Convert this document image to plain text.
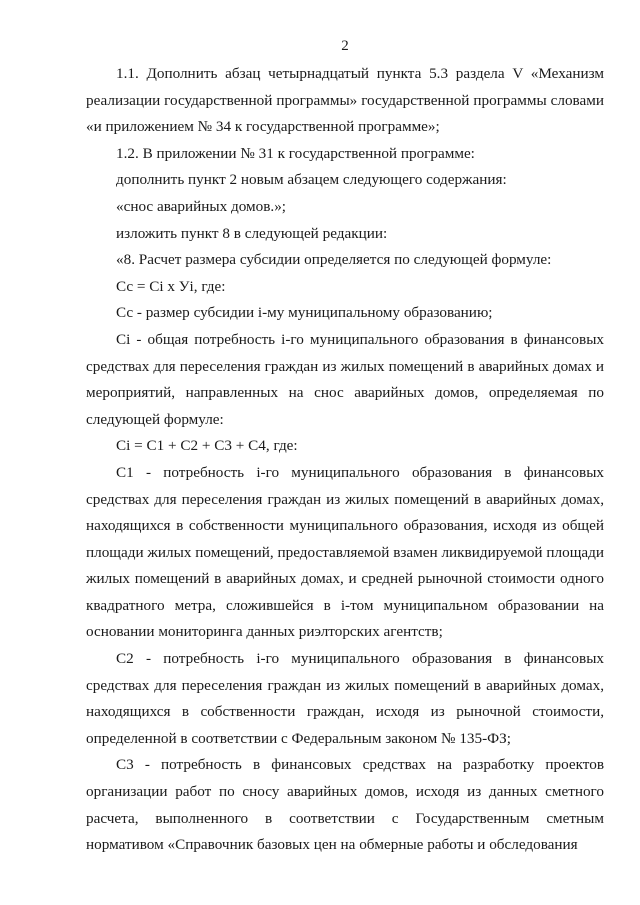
2

1.1. Дополнить абзац четырнадцатый пункта 5.3 раздела V «Механизм реализации государственной программы» государственной программы словами «и приложением № 34 к государственной программе»;

1.2. В приложении № 31 к государственной программе:

дополнить пункт 2 новым абзацем следующего содержания:

«снос аварийных домов.»;

изложить пункт 8 в следующей редакции:

«8. Расчет размера субсидии определяется по следующей формуле:

Сс = Ci х Уi, где:

Сс - размер субсидии i-му муниципальному образованию;

Ci - общая потребность i-го муниципального образования в финансовых средствах для переселения граждан из жилых помещений в аварийных домах и мероприятий, направленных на снос аварийных домов, определяемая по следующей формуле:

Ci = С1 + С2 + С3 + С4, где:

С1 - потребность i-го муниципального образования в финансовых средствах для переселения граждан из жилых помещений в аварийных домах, находящихся в собственности муниципального образования, исходя из общей площади жилых помещений, предоставляемой взамен ликвидируемой площади жилых помещений в аварийных домах, и средней рыночной стоимости одного квадратного метра, сложившейся в i-том муниципальном образовании на основании мониторинга данных риэлторских агентств;

С2 - потребность i-го муниципального образования в финансовых средствах для переселения граждан из жилых помещений в аварийных домах, находящихся в собственности граждан, исходя из рыночной стоимости, определенной в соответствии с Федеральным законом № 135-ФЗ;

С3 - потребность в финансовых средствах на разработку проектов организации работ по сносу аварийных домов, исходя из данных сметного расчета, выполненного в соответствии с Государственным сметным нормативом «Справочник базовых цен на обмерные работы и обследования
